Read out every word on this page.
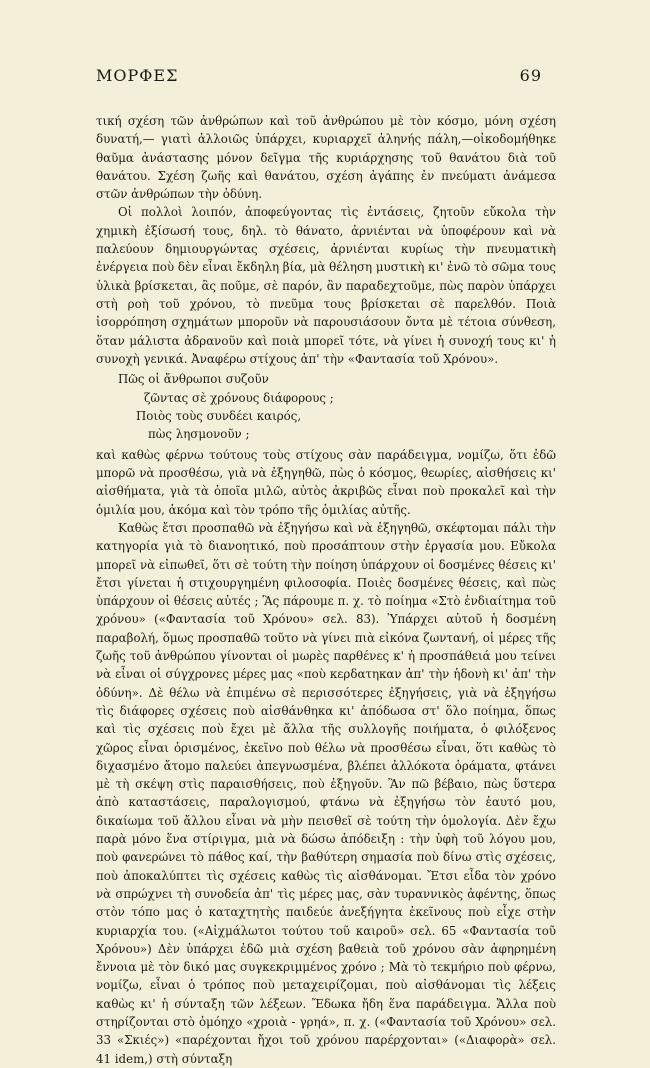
ΜΟΡΦΕΣ	69

τική σχέση τῶν ἀνθρώπων καὶ τοῦ ἀνθρώπου μὲ τὸν κόσμο, μόνη σχέση δυνατή,— γιατὶ ἀλλοιῶς ὑπάρχει, κυριαρχεῖ ἀληνής πάλη,—οἰκοδομήθηκε θαῦμα ἀνάστασης μόνον δεῖγμα τῆς κυριάρχησης τοῦ θανάτου διὰ τοῦ θανάτου. Σχέση ζωῆς καὶ θανάτου, σχέση ἀγάπης ἐν πνεύματι ἀνάμεσα στῶν ἀνθρώπων τὴν ὀδύνη.

Οἱ πολλοὶ λοιπόν, ἀποφεύγοντας τὶς ἐντάσεις, ζητοῦν εὔκολα τὴν χημικὴ ἐξίσωσή τους, δηλ. τὸ θάνατο, ἀρνιένται νὰ ὑποφέρουν καὶ νὰ παλεύουν δημιουργώντας σχέσεις, ἀρνιένται κυρίως τὴν πνευματικὴ ἐνέργεια ποὺ δὲν εἶναι ἔκδηλη βία, μὰ θέληση μυστικὴ κι' ἐνῶ τὸ σῶμα τους ὑλικὰ βρίσκεται, ἂς ποῦμε, σὲ παρόν, ἂν παραδεχτοῦμε, πὼς παρὸν ὑπάρχει στὴ ροὴ τοῦ χρόνου, τὸ πνεῦμα τους βρίσκεται σὲ παρελθόν. Ποιὰ ἰσορρόπηση σχημάτων μποροῦν νὰ παρουσιάσουν ὄντα μὲ τέτοια σύνθεση, ὅταν μάλιστα ἀδρανοῦν καὶ ποιὰ μπορεῖ τότε, νὰ γίνει ἡ συνοχή τους κι' ἡ συνοχὴ γενικά. Ἀναφέρω στίχους ἀπ' τὴν «Φαντασία τοῦ Χρόνου».

Πῶς οἱ ἄνθρωποι συζοῦν
ζῶντας σὲ χρόνους διάφορους ;
Ποιὸς τοὺς συνδέει καιρός,
πὼς λησμονοῦν ;

καὶ καθὼς φέρνω τούτους τοὺς στίχους σὰν παράδειγμα, νομίζω, ὅτι ἐδῶ μπορῶ νὰ προσθέσω, γιὰ νὰ ἐξηγηθῶ, πὼς ὁ κόσμος, θεωρίες, αἰσθήσεις κι' αἰσθήματα, γιὰ τὰ ὁποῖα μιλῶ, αὐτὸς ἀκριβῶς εἶναι ποὺ προκαλεῖ καὶ τὴν ὁμιλία μου, ἀκόμα καὶ τὸν τρόπο τῆς ὁμιλίας αὐτῆς.

Καθὼς ἔτσι προσπαθῶ νὰ ἐξηγήσω καὶ νὰ ἐξηγηθῶ, σκέφτομαι πάλι τὴν κατηγορία γιὰ τὸ διανοητικό, ποὺ προσάπτουν στὴν ἐργασία μου. Εὔκολα μπορεῖ νὰ εἰπωθεῖ, ὅτι σὲ τούτη τὴν ποίηση ὑπάρχουν οἱ δοσμένες θέσεις κι' ἔτσι γίνεται ἡ στιχουργημένη φιλοσοφία. Ποιὲς δοσμένες θέσεις, καὶ πὼς ὑπάρχουν οἱ θέσεις αὐτές ; Ἂς πάρουμε π. χ. τὸ ποίημα «Στὸ ἐνδιαίτημα τοῦ χρόνου» («Φαντασία τοῦ Χρόνου» σελ. 83). Ὑπάρχει αὐτοῦ ἡ δοσμένη παραβολή, ὅμως προσπαθῶ τοῦτο νὰ γίνει πιὰ εἰκόνα ζωντανή, οἱ μέρες τῆς ζωῆς τοῦ ἀνθρώπου γίνονται οἱ μωρὲς παρθένες κ' ἡ προσπάθειά μου τείνει νὰ εἶναι οἱ σύγχρονες μέρες μας «ποὺ κερδατηκαν ἀπ' τὴν ἡδονὴ κι' ἀπ' τὴν ὀδύνη». Δὲ θέλω νὰ ἐπιμένω σὲ περισσότερες ἐξηγήσεις, γιὰ νὰ ἐξηγήσω τὶς διάφορες σχέσεις ποὺ αἰσθάνθηκα κι' ἀπόδωσα στ' ὅλο ποίημα, ὅπως καὶ τὶς σχέσεις ποὺ ἔχει μὲ ἄλλα τῆς συλλογῆς ποιήματα, ὁ φιλόξενος χῶρος εἶναι ὁρισμένος, ἐκεῖνο ποὺ θέλω νὰ προσθέσω εἶναι, ὅτι καθὼς τὸ διχασμένο ἄτομο παλεύει ἀπεγνωσμένα, βλέπει ἀλλόκοτα ὁράματα, φτάνει μὲ τὴ σκέψη στὶς παραισθήσεις, ποὺ ἐξηγοῦν. Ἂν πῶ βέβαιο, πὼς ὕστερα ἀπὸ καταστάσεις, παραλογισμού, φτάνω νὰ ἐξηγήσω τὸν ἑαυτό μου, δικαίωμα τοῦ ἄλλου εἶναι νὰ μὴν πεισθεῖ σὲ τούτη τὴν ὁμολογία. Δὲν ἔχω παρὰ μόνο ἕνα στίριγμα, μιὰ νὰ δώσω ἀπόδειξη : τὴν ὑφὴ τοῦ λόγου μου, ποὺ φανερώνει τὸ πάθος καί, τὴν βαθύτερη σημασία ποὺ δίνω στὶς σχέσεις, ποὺ ἀποκαλύπτει τὶς σχέσεις καθὼς τὶς αἰσθάνομαι. Ἔτσι εἶδα τὸν χρόνο νὰ σπρώχνει τὴ συνοδεία ἀπ' τὶς μέρες μας, σὰν τυραννικὸς ἀφέντης, ὅπως στὸν τόπο μας ὁ καταχτητὴς παιδεύε ἀνεξήγητα ἐκεῖνους ποὺ εἶχε στὴν κυριαρχία του. («Αἰχμάλωτοι τούτου τοῦ καιροῦ» σελ. 65 «Φαντασία τοῦ Χρόνου») Δὲν ὑπάρχει ἐδῶ μιὰ σχέση βαθειὰ τοῦ χρόνου σὰν ἀφηρημένη ἔννοια μὲ τὸν δικό μας συγκεκριμμένος χρόνο ; Μὰ τὸ τεκμήριο ποὺ φέρνω, νομίζω, εἶναι ὁ τρόπος ποὺ μεταχειρίζομαι, ποὺ αἰσθάνομαι τὶς λέξεις καθὼς κι' ἡ σύνταξη τῶν λέξεων. Ἔδωκα ἤδη ἕνα παράδειγμα. Ἄλλα ποὺ στηρίζονται στὸ ὁμόηχο «χροιὰ - γρηά», π. χ. («Φαντασία τοῦ Χρόνου» σελ. 33 «Σκιές») «παρέχονται ἤχοι τοῦ χρόνου παρέρχονται» («Διαφορὰ» σελ. 41 idem,) στὴ σύνταξη
